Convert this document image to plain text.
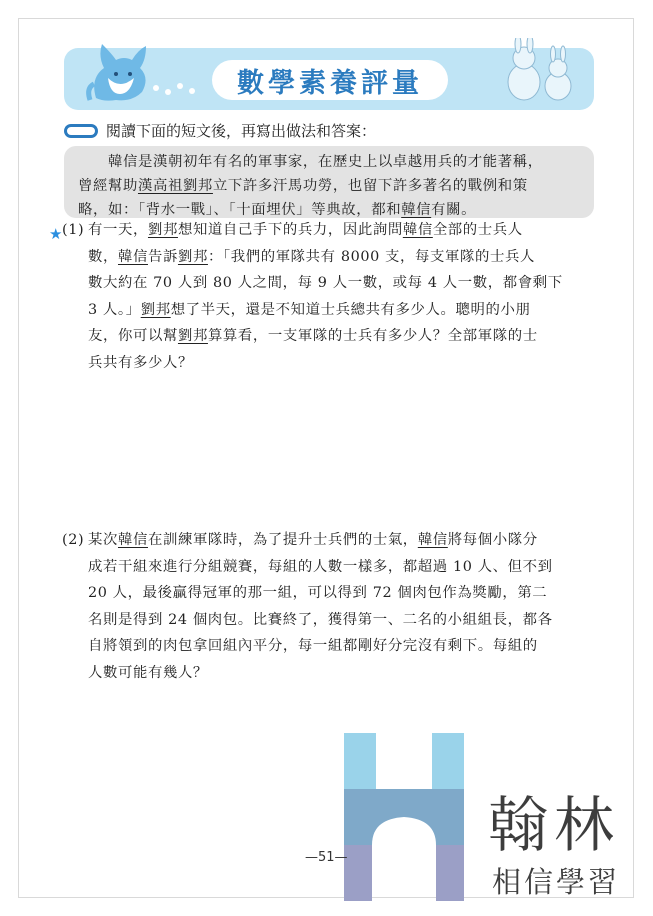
數學素養評量
閱讀下面的短文後，再寫出做法和答案：
　　韓信是漢朝初年有名的軍事家，在歷史上以卓越用兵的才能著稱，
曾經幫助漢高祖劉邦立下許多汗馬功勞，也留下許多著名的戰例和策
略，如：「背水一戰」、「十面埋伏」等典故，都和韓信有關。
★ (1) 有一天，劉邦想知道自己手下的兵力，因此詢問韓信全部的士兵人
數，韓信告訴劉邦：「我們的軍隊共有 8000 支，每支軍隊的士兵人
數大約在 70 人到 80 人之間，每 9 人一數，或每 4 人一數，都會剩下
3 人。」劉邦想了半天，還是不知道士兵總共有多少人。聰明的小朋
友，你可以幫劉邦算算看，一支軍隊的士兵有多少人？全部軍隊的士
兵共有多少人？
(2) 某次韓信在訓練軍隊時，為了提升士兵們的士氣，韓信將每個小隊分
成若干組來進行分組競賽，每組的人數一樣多，都超過 10 人、但不到
20 人，最後贏得冠軍的那一組，可以得到 72 個肉包作為獎勵，第二
名則是得到 24 個肉包。比賽終了，獲得第一、二名的小組組長，都各
自將領到的肉包拿回組內平分，每一組都剛好分完沒有剩下。每組的
人數可能有幾人？
—51— 翰林
相信學習
